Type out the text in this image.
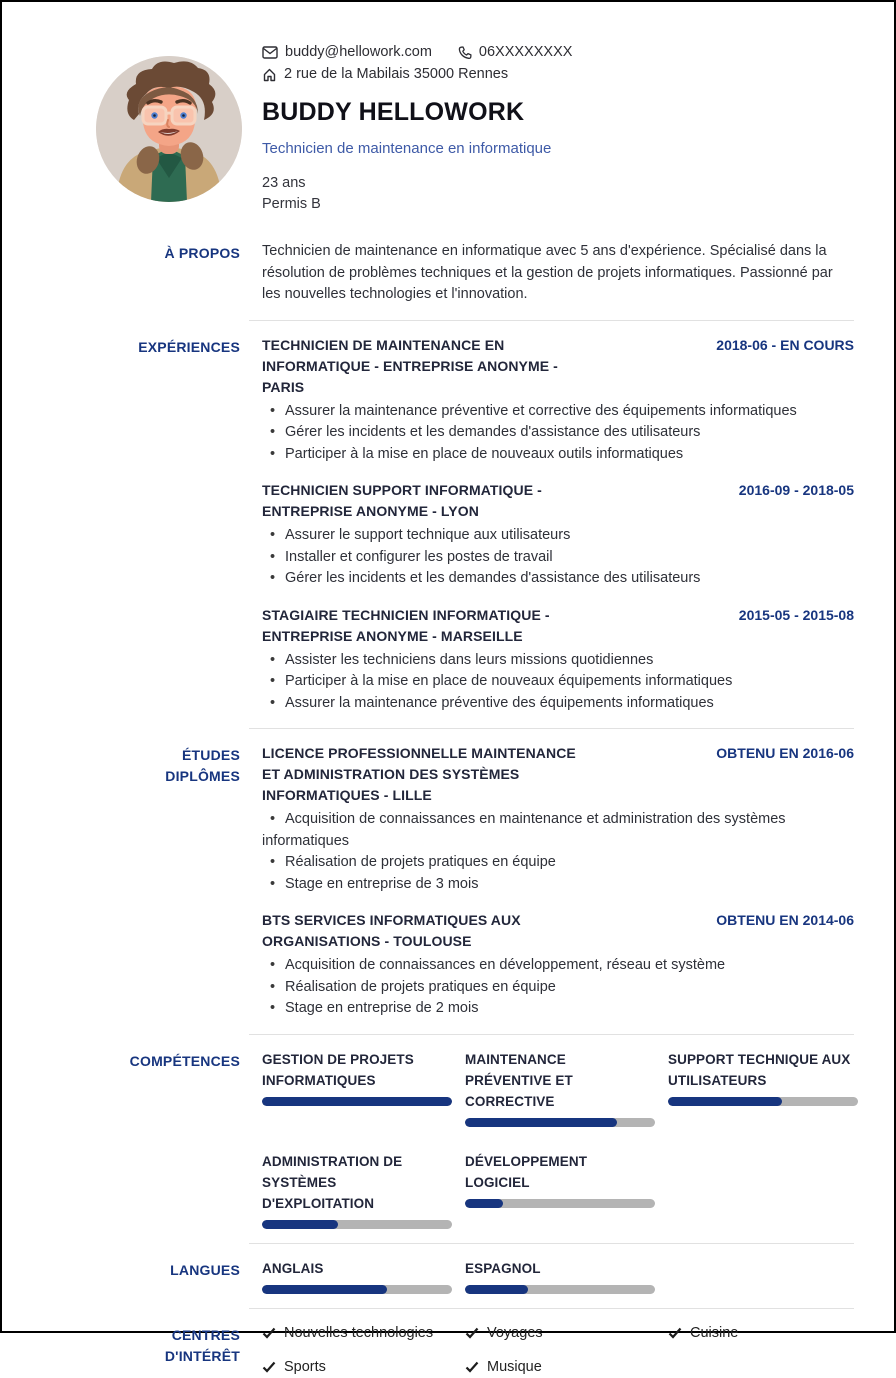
buddy@hellowork.com	06XXXXXXXX
2 rue de la Mabilais 35000 Rennes
BUDDY HELLOWORK
Technicien de maintenance en informatique
23 ans
Permis B
À PROPOS Technicien de maintenance en informatique avec 5 ans d'expérience. Spécialisé dans la résolution de problèmes techniques et la gestion de projets informatiques. Passionné par les nouvelles technologies et l'innovation.
EXPÉRIENCES TECHNICIEN DE MAINTENANCE EN INFORMATIQUE - ENTREPRISE ANONYME - PARIS
2018-06 - EN COURS
• Assurer la maintenance préventive et corrective des équipements informatiques
• Gérer les incidents et les demandes d'assistance des utilisateurs
• Participer à la mise en place de nouveaux outils informatiques
TECHNICIEN SUPPORT INFORMATIQUE - ENTREPRISE ANONYME - LYON
2016-09 - 2018-05
• Assurer le support technique aux utilisateurs
• Installer et configurer les postes de travail
• Gérer les incidents et les demandes d'assistance des utilisateurs
STAGIAIRE TECHNICIEN INFORMATIQUE - ENTREPRISE ANONYME - MARSEILLE
2015-05 - 2015-08
• Assister les techniciens dans leurs missions quotidiennes
• Participer à la mise en place de nouveaux équipements informatiques
• Assurer la maintenance préventive des équipements informatiques
ÉTUDES DIPLÔMES
LICENCE PROFESSIONNELLE MAINTENANCE ET ADMINISTRATION DES SYSTÈMES INFORMATIQUES - LILLE
OBTENU EN 2016-06
• Acquisition de connaissances en maintenance et administration des systèmes informatiques
• Réalisation de projets pratiques en équipe
• Stage en entreprise de 3 mois
BTS SERVICES INFORMATIQUES AUX ORGANISATIONS - TOULOUSE
OBTENU EN 2014-06
• Acquisition de connaissances en développement, réseau et système
• Réalisation de projets pratiques en équipe
• Stage en entreprise de 2 mois
COMPÉTENCES GESTION DE PROJETS INFORMATIQUES
MAINTENANCE PRÉVENTIVE ET CORRECTIVE
SUPPORT TECHNIQUE AUX UTILISATEURS
ADMINISTRATION DE SYSTÈMES D'EXPLOITATION
DÉVELOPPEMENT LOGICIEL
LANGUES ANGLAIS	ESPAGNOL
CENTRES D'INTÉRÊT
Nouvelles technologies	Voyages	Cuisine
Sports	Musique
